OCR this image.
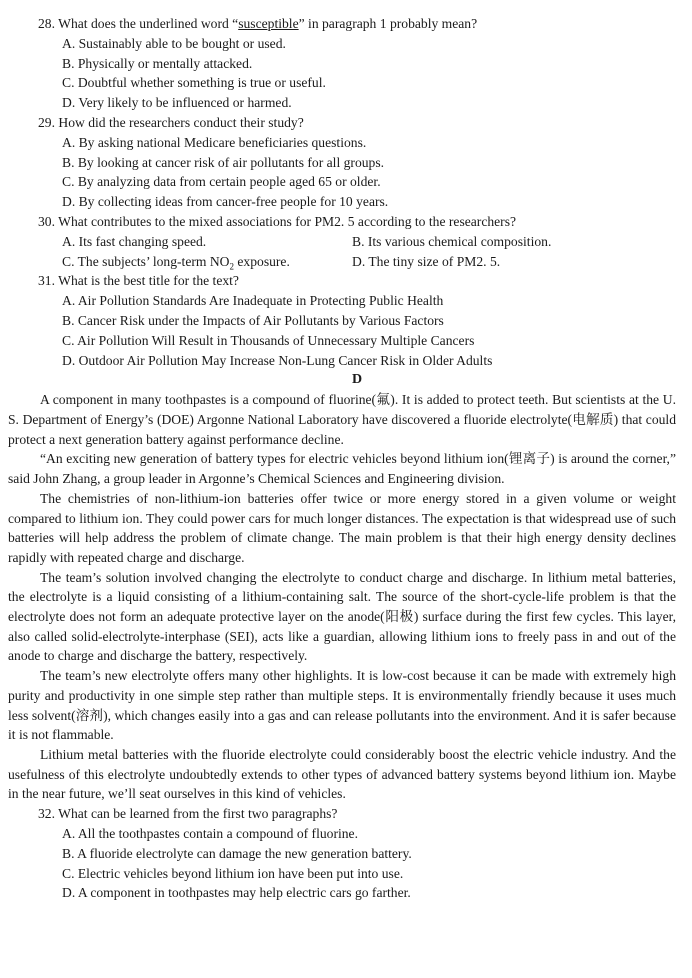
28. What does the underlined word “susceptible” in paragraph 1 probably mean?
A. Sustainably able to be bought or used.
B. Physically or mentally attacked.
C. Doubtful whether something is true or useful.
D. Very likely to be influenced or harmed.
29. How did the researchers conduct their study?
A. By asking national Medicare beneficiaries questions.
B. By looking at cancer risk of air pollutants for all groups.
C. By analyzing data from certain people aged 65 or older.
D. By collecting ideas from cancer-free people for 10 years.
30. What contributes to the mixed associations for PM2. 5 according to the researchers?
A. Its fast changing speed.	B. Its various chemical composition.
C. The subjects’ long-term $NO_2$ exposure.	D. The tiny size of PM2. 5.
31. What is the best title for the text?
A. Air Pollution Standards Are Inadequate in Protecting Public Health
B. Cancer Risk under the Impacts of Air Pollutants by Various Factors
C. Air Pollution Will Result in Thousands of Unnecessary Multiple Cancers
D. Outdoor Air Pollution May Increase Non-Lung Cancer Risk in Older Adults
D

A component in many toothpastes is a compound of fluorine(氟). It is added to protect teeth. But scientists at the U. S. Department of Energy’s (DOE) Argonne National Laboratory have discovered a fluoride electrolyte(电解质) that could protect a next generation battery against performance decline.

“An exciting new generation of battery types for electric vehicles beyond lithium ion(锂离子) is around the corner,” said John Zhang, a group leader in Argonne’s Chemical Sciences and Engineering division.

The chemistries of non-lithium-ion batteries offer twice or more energy stored in a given volume or weight compared to lithium ion. They could power cars for much longer distances. The expectation is that widespread use of such batteries will help address the problem of climate change. The main problem is that their high energy density declines rapidly with repeated charge and discharge.

The team’s solution involved changing the electrolyte to conduct charge and discharge. In lithium metal batteries, the electrolyte is a liquid consisting of a lithium-containing salt. The source of the short-cycle-life problem is that the electrolyte does not form an adequate protective layer on the anode(阳极) surface during the first few cycles. This layer, also called solid-electrolyte-interphase (SEI), acts like a guardian, allowing lithium ions to freely pass in and out of the anode to charge and discharge the battery, respectively.

The team’s new electrolyte offers many other highlights. It is low-cost because it can be made with extremely high purity and productivity in one simple step rather than multiple steps. It is environmentally friendly because it uses much less solvent(溶剂), which changes easily into a gas and can release pollutants into the environment. And it is safer because it is not flammable.

Lithium metal batteries with the fluoride electrolyte could considerably boost the electric vehicle industry. And the usefulness of this electrolyte undoubtedly extends to other types of advanced battery systems beyond lithium ion. Maybe in the near future, we’ll seat ourselves in this kind of vehicles.

32. What can be learned from the first two paragraphs?
A. All the toothpastes contain a compound of fluorine.
B. A fluoride electrolyte can damage the new generation battery.
C. Electric vehicles beyond lithium ion have been put into use.
D. A component in toothpastes may help electric cars go farther.
